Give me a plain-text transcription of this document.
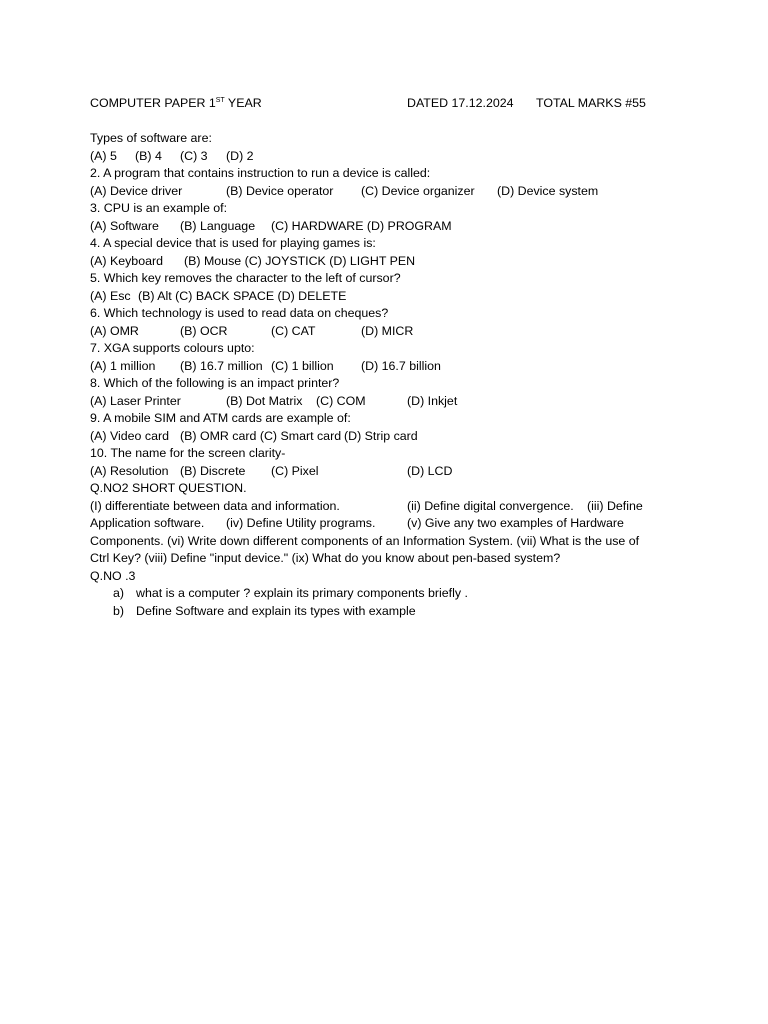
COMPUTER PAPER 1ST YEAR	DATED 17.12.2024 TOTAL MARKS #55
Types of software are:
(A) 5 (B) 4 (C) 3 (D) 2
2. A program that contains instruction to run a device is called:
(A) Device driver	(B) Device operator (C) Device organizer (D) Device system
3. CPU is an example of:
(A) Software (B) Language (C) HARDWARE (D) PROGRAM
4. A special device that is used for playing games is:
(A) Keyboard (B) Mouse (C) JOYSTICK (D) LIGHT PEN
5. Which key removes the character to the left of cursor?
(A) Esc (B) Alt (C) BACK SPACE (D) DELETE
6. Which technology is used to read data on cheques?
(A) OMR	(B) OCR	(C) CAT	(D) MICR
7. XGA supports colours upto:
(A) 1 million (B) 16.7 million (C) 1 billion (D) 16.7 billion
8. Which of the following is an impact printer?
(A) Laser Printer	(B) Dot Matrix (C) COM	(D) Inkjet
9. A mobile SIM and ATM cards are example of:
(A) Video card (B) OMR card (C) Smart card (D) Strip card
10. The name for the screen clarity-
(A) Resolution (B) Discrete (C) Pixel	(D) LCD
Q.NO2 SHORT QUESTION.
(I) differentiate between data and information.	(ii) Define digital convergence. (iii) Define
Application software. (iv) Define Utility programs.	(v) Give any two examples of Hardware
Components. (vi) Write down different components of an Information System. (vii) What is the use of
Ctrl Key? (viii) Define "input device." (ix) What do you know about pen-based system?
Q.NO .3
a) what is a computer ? explain its primary components briefly .
b) Define Software and explain its types with example
